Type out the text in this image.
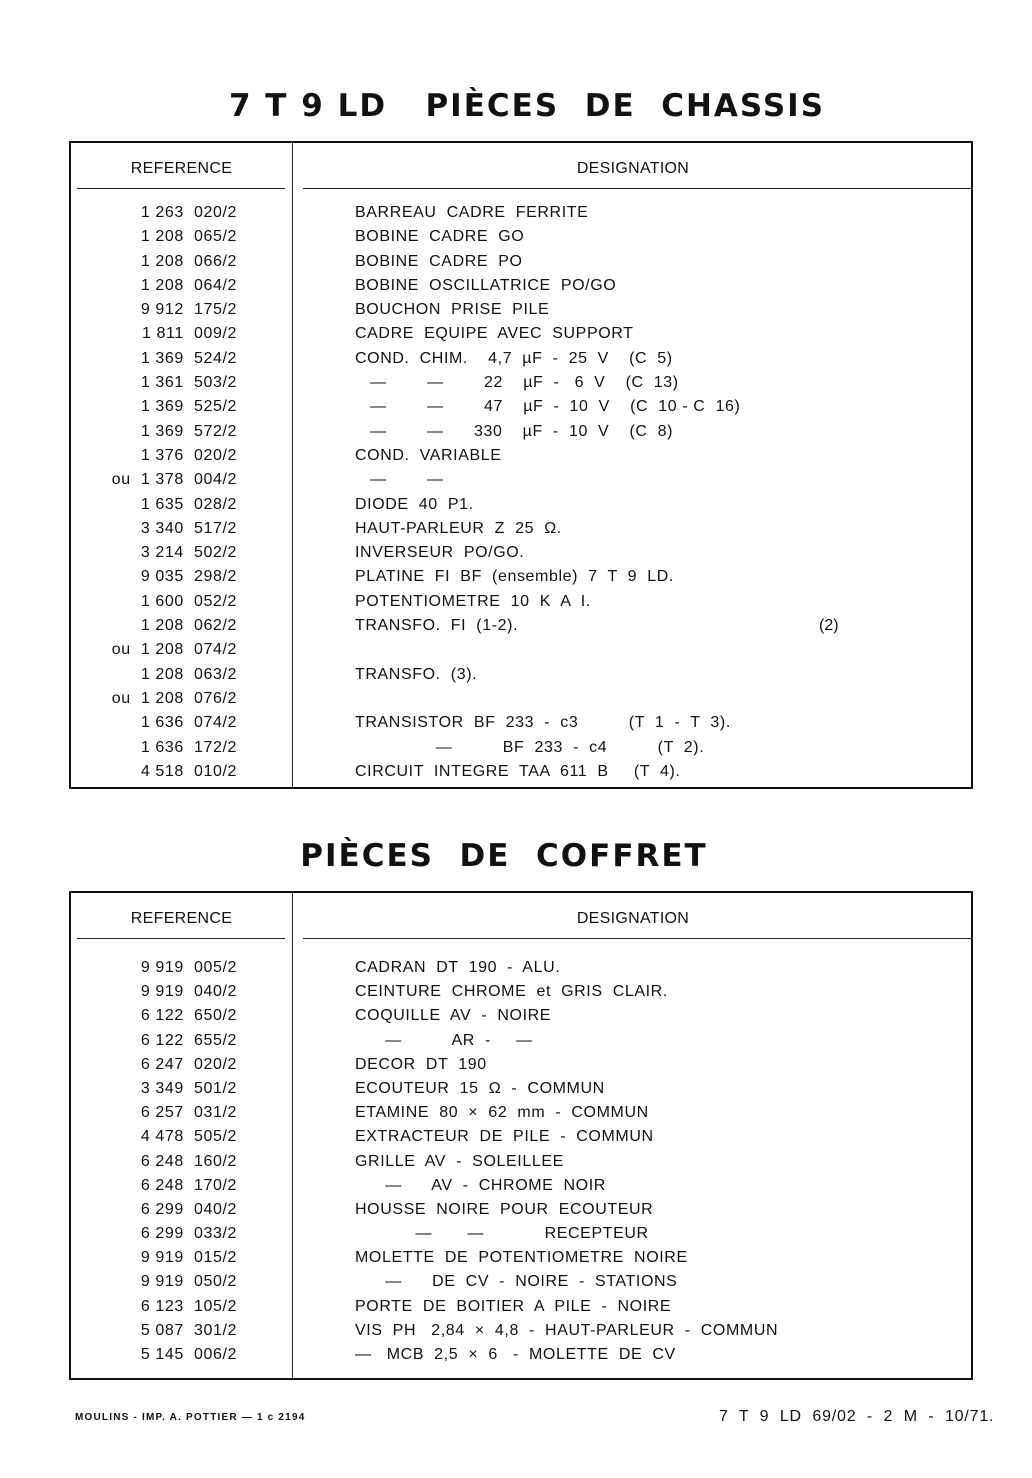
7 T 9 LD   PIÈCES  DE  CHASSIS
REFERENCE	DESIGNATION
1 263  020/2	BARREAU  CADRE  FERRITE
1 208  065/2	BOBINE  CADRE  GO
1 208  066/2	BOBINE  CADRE  PO
1 208  064/2	BOBINE  OSCILLATRICE  PO/GO
9 912  175/2	BOUCHON  PRISE  PILE
1 811  009/2	CADRE  EQUIPE  AVEC  SUPPORT
1 369  524/2	COND.  CHIM.    4,7  µF  -  25  V    (C  5)
1 361  503/2	—        —        22    µF  -   6  V    (C  13)
1 369  525/2	—        —        47    µF  -  10  V    (C  10 - C  16)
1 369  572/2	—        —      330    µF  -  10  V    (C  8)
1 376  020/2	COND.  VARIABLE
ou  1 378  004/2	—        —
1 635  028/2	DIODE  40  P1.
3 340  517/2	HAUT-PARLEUR  Z  25  Ω.
3 214  502/2	INVERSEUR  PO/GO.
9 035  298/2	PLATINE  FI  BF  (ensemble)  7  T  9  LD.
1 600  052/2	POTENTIOMETRE  10  K  A  I.
1 208  062/2	TRANSFO.  FI  (1-2).	(2)
ou  1 208  074/2
1 208  063/2	TRANSFO.  (3).
ou  1 208  076/2
1 636  074/2	TRANSISTOR  BF  233  -  c3          (T  1  -  T  3).
1 636  172/2	—          BF  233  -  c4          (T  2).
4 518  010/2	CIRCUIT  INTEGRE  TAA  611  B     (T  4).
PIÈCES  DE  COFFRET
REFERENCE	DESIGNATION
9 919  005/2	CADRAN  DT  190  -  ALU.
9 919  040/2	CEINTURE  CHROME  et  GRIS  CLAIR.
6 122  650/2	COQUILLE  AV  -  NOIRE
6 122  655/2	—          AR  -     —
6 247  020/2	DECOR  DT  190
3 349  501/2	ECOUTEUR  15  Ω  -  COMMUN
6 257  031/2	ETAMINE  80  ×  62  mm  -  COMMUN
4 478  505/2	EXTRACTEUR  DE  PILE  -  COMMUN
6 248  160/2	GRILLE  AV  -  SOLEILLEE
6 248  170/2	—      AV  -  CHROME  NOIR
6 299  040/2	HOUSSE  NOIRE  POUR  ECOUTEUR
6 299  033/2	—       —            RECEPTEUR
9 919  015/2	MOLETTE  DE  POTENTIOMETRE  NOIRE
9 919  050/2	—      DE  CV  -  NOIRE  -  STATIONS
6 123  105/2	PORTE  DE  BOITIER  A  PILE  -  NOIRE
5 087  301/2	VIS  PH   2,84  ×  4,8  -  HAUT-PARLEUR  -  COMMUN
5 145  006/2	—   MCB  2,5  ×  6   -  MOLETTE  DE  CV
MOULINS - IMP. A. POTTIER — 1 c 2194	7  T  9  LD  69/02  -  2  M  -  10/71.
